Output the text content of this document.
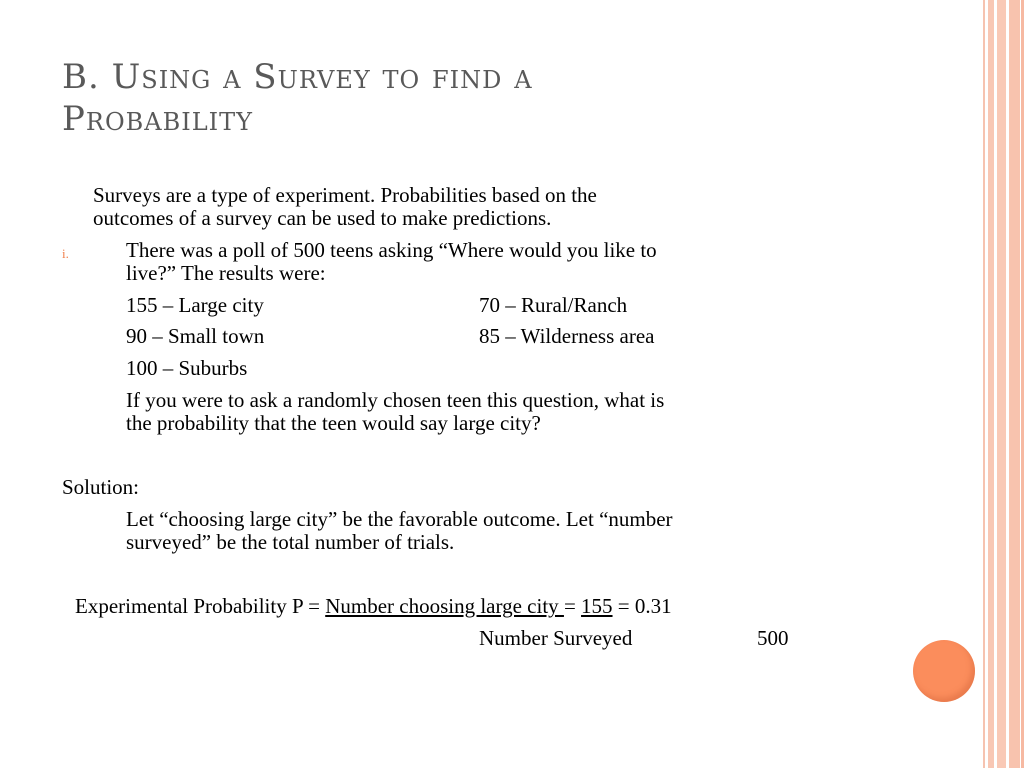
B. Using a Survey to find a
Probability

Surveys are a type of experiment. Probabilities based on the

outcomes of a survey can be used to make predictions.

i.	There was a poll of 500 teens asking “Where would you like to

live?” The results were:

155 – Large city	70 – Rural/Ranch

90 – Small town	85 – Wilderness area

100 – Suburbs

If you were to ask a randomly chosen teen this question, what is

the probability that the teen would say large city?

Solution:

Let “choosing large city” be the favorable outcome. Let “number

surveyed” be the total number of trials.

Experimental Probability P = Number choosing large city = 155 = 0.31

Number Surveyed	500
